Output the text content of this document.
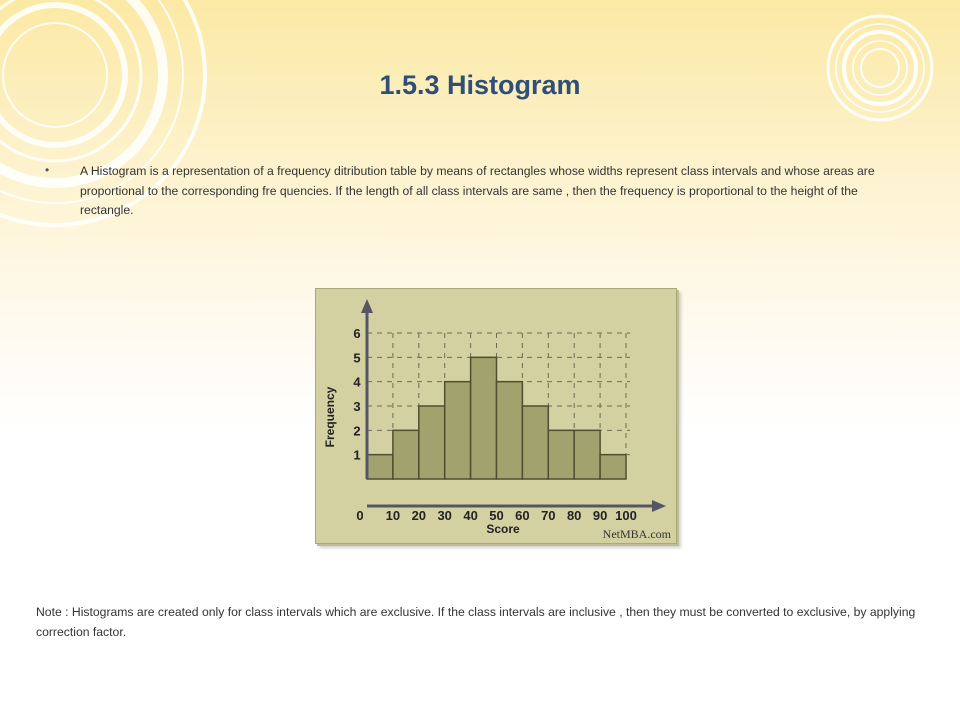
1.5.3 Histogram
•	A Histogram is a representation of a frequency ditribution table by means of rectangles whose widths represent class intervals and whose areas are proportional to the corresponding fre quencies. If the length of all class intervals are same , then the frequency is proportional to the height of the rectangle.
1
2
3
4
5
6
0 10 20 30 40 50 60 70 80 90 100
Frequency
Score	NetMBA.com
Note : Histograms are created only for class intervals which are exclusive. If the class intervals are inclusive , then they must be converted to exclusive, by applying correction factor.
